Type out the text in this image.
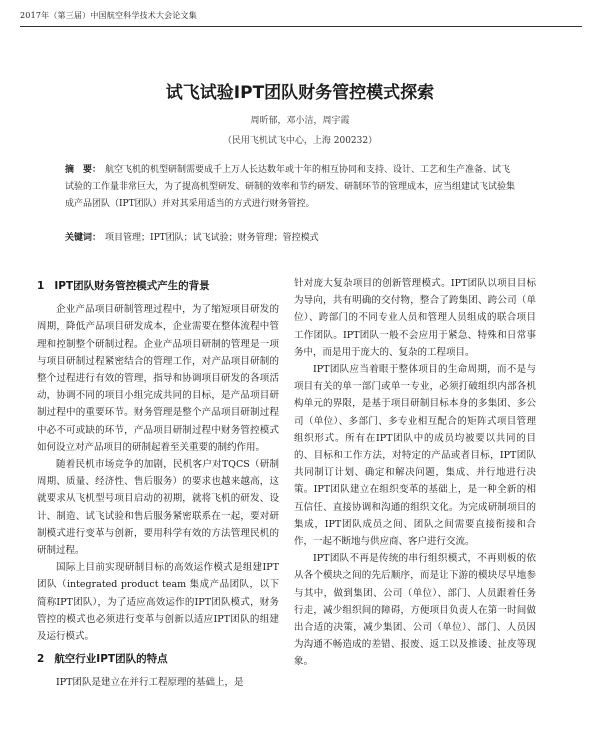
2017年（第三届）中国航空科学技术大会论文集
试飞试验IPT团队财务管控模式探索
周昕郁，邓小洁，周宇霞
（民用飞机试飞中心，上海 200232）
摘　要： 航空飞机的机型研制需要成千上万人长达数年或十年的相互协同和支持、设计、工艺和生产准备、试飞试验的工作量非常巨大，为了提高机型研发、研制的效率和节约研发、研制环节的管理成本，应当组建试飞试验集成产品团队（IPT团队）并对其采用适当的方式进行财务管控。
关键词： 项目管理；IPT团队；试飞试验；财务管理；管控模式
1 IPT团队财务管控模式产生的背景

企业产品项目研制管理过程中，为了缩短项目研发的周期，降低产品项目研发成本，企业需要在整体流程中管理和控制整个研制过程。企业产品项目研制的管理是一项与项目研制过程紧密结合的管理工作，对产品项目研制的整个过程进行有效的管理，指导和协调项目研发的各项活动，协调不同的项目小组完成共同的目标，是产品项目研制过程中的重要环节。财务管理是整个产品项目研制过程中必不可或缺的环节，产品项目研制过程中财务管控模式如何设立对产品项目的研制起着至关重要的制约作用。

随着民机市场竞争的加剧，民机客户对TQCS（研制周期、质量、经济性、售后服务）的要求也越来越高，这就要求从飞机型号项目启动的初期，就将飞机的研发、设计、制造、试飞试验和售后服务紧密联系在一起，要对研制模式进行变革与创新，要用科学有效的方法管理民机的研制过程。

国际上目前实现研制目标的高效运作模式是组建IPT团队（integrated product team 集成产品团队，以下简称IPT团队），为了适应高效运作的IPT团队模式，财务管控的模式也必须进行变革与创新以适应IPT团队的组建及运行模式。

2 航空行业IPT团队的特点

IPT团队是建立在并行工程原理的基础上，是

针对庞大复杂项目的创新管理模式。IPT团队以项目目标为导向，共有明确的交付物，整合了跨集团、跨公司（单位）、跨部门的不同专业人员和管理人员组成的联合项目工作团队。IPT团队一般不会应用于紧急、特殊和日常事务中，而是用于庞大的、复杂的工程项目。

IPT团队应当着眼于整体项目的生命周期，而不是与项目有关的单一部门或单一专业，必须打破组织内部各机构单元的界限，是基于项目研制目标本身的多集团、多公司（单位）、多部门、多专业相互配合的矩阵式项目管理组织形式。所有在IPT团队中的成员均被要以共同的目的、目标和工作方法，对特定的产品或者目标，IPT团队共同制订计划、确定和解决问题，集成、并行地进行决策。IPT团队建立在组织变革的基础上，是一种全新的相互信任、直接协调和沟通的组织文化。为完成研制项目的集成，IPT团队成员之间、团队之间需要直接衔接和合作，一起不断地与供应商、客户进行交流。

IPT团队不再是传统的串行组织模式，不再则板的依从各个模块之间的先后顺序，而是让下游的模块尽早地参与其中，做到集团、公司（单位）、部门、人员跟着任务行走，减少组织间的障碍，方便项目负责人在第一时间做出合适的决策，减少集团、公司（单位）、部门、人员因为沟通不畅造成的差错、报废、返工以及推诿、扯皮等现象。
